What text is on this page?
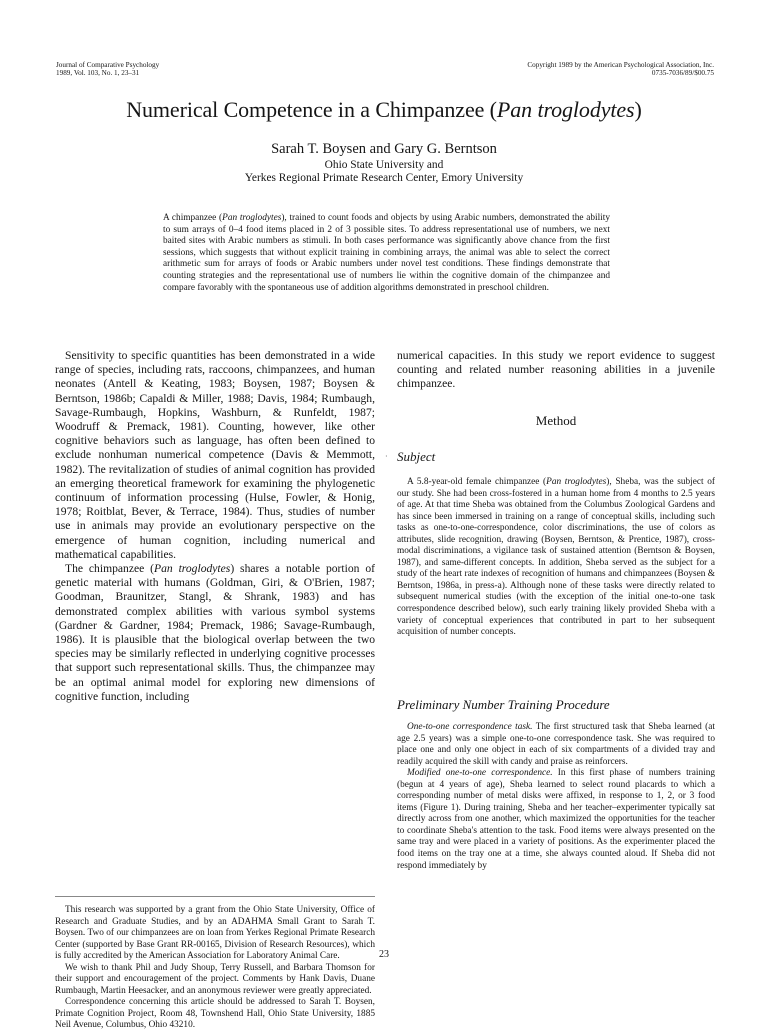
Journal of Comparative Psychology
1989, Vol. 103, No. 1, 23–31
Copyright 1989 by the American Psychological Association, Inc.
0735-7036/89/$00.75
Numerical Competence in a Chimpanzee (Pan troglodytes)
Sarah T. Boysen and Gary G. Berntson
Ohio State University and
Yerkes Regional Primate Research Center, Emory University
A chimpanzee (Pan troglodytes), trained to count foods and objects by using Arabic numbers, demonstrated the ability to sum arrays of 0–4 food items placed in 2 of 3 possible sites. To address representational use of numbers, we next baited sites with Arabic numbers as stimuli. In both cases performance was significantly above chance from the first sessions, which suggests that without explicit training in combining arrays, the animal was able to select the correct arithmetic sum for arrays of foods or Arabic numbers under novel test conditions. These findings demonstrate that counting strategies and the representational use of numbers lie within the cognitive domain of the chimpanzee and compare favorably with the spontaneous use of addition algorithms demonstrated in preschool children.

Sensitivity to specific quantities has been demonstrated in a wide range of species, including rats, raccoons, chimpanzees, and human neonates (Antell & Keating, 1983; Boysen, 1987; Boysen & Berntson, 1986b; Capaldi & Miller, 1988; Davis, 1984; Rumbaugh, Savage-Rumbaugh, Hopkins, Washburn, & Runfeldt, 1987; Woodruff & Premack, 1981). Counting, however, like other cognitive behaviors such as language, has often been defined to exclude nonhuman numerical competence (Davis & Memmott, 1982). The revitalization of studies of animal cognition has provided an emerging theoretical framework for examining the phylogenetic continuum of information processing (Hulse, Fowler, & Honig, 1978; Roitblat, Bever, & Terrace, 1984). Thus, studies of number use in animals may provide an evolutionary perspective on the emergence of human cognition, including numerical and mathematical capabilities.

The chimpanzee (Pan troglodytes) shares a notable portion of genetic material with humans (Goldman, Giri, & O'Brien, 1987; Goodman, Braunitzer, Stangl, & Shrank, 1983) and has demonstrated complex abilities with various symbol systems (Gardner & Gardner, 1984; Premack, 1986; Savage-Rumbaugh, 1986). It is plausible that the biological overlap between the two species may be similarly reflected in underlying cognitive processes that support such representational skills. Thus, the chimpanzee may be an optimal animal model for exploring new dimensions of cognitive function, including

numerical capacities. In this study we report evidence to suggest counting and related number reasoning abilities in a juvenile chimpanzee.

Method
· Subject

A 5.8-year-old female chimpanzee (Pan troglodytes), Sheba, was the subject of our study. She had been cross-fostered in a human home from 4 months to 2.5 years of age. At that time Sheba was obtained from the Columbus Zoological Gardens and has since been immersed in training on a range of conceptual skills, including such tasks as one-to-one-correspondence, color discriminations, the use of colors as attributes, slide recognition, drawing (Boysen, Berntson, & Prentice, 1987), cross-modal discriminations, a vigilance task of sustained attention (Berntson & Boysen, 1987), and same-different concepts. In addition, Sheba served as the subject for a study of the heart rate indexes of recognition of humans and chimpanzees (Boysen & Berntson, 1986a, in press-a). Although none of these tasks were directly related to subsequent numerical studies (with the exception of the initial one-to-one task correspondence described below), such early training likely provided Sheba with a variety of conceptual experiences that contributed in part to her subsequent acquisition of number concepts.

Preliminary Number Training Procedure

One-to-one correspondence task. The first structured task that Sheba learned (at age 2.5 years) was a simple one-to-one correspondence task. She was required to place one and only one object in each of six compartments of a divided tray and readily acquired the skill with candy and praise as reinforcers.

Modified one-to-one correspondence. In this first phase of numbers training (begun at 4 years of age), Sheba learned to select round placards to which a corresponding number of metal disks were affixed, in response to 1, 2, or 3 food items (Figure 1). During training, Sheba and her teacher–experimenter typically sat directly across from one another, which maximized the opportunities for the teacher to coordinate Sheba's attention to the task. Food items were always presented on the same tray and were placed in a variety of positions. As the experimenter placed the food items on the tray one at a time, she always counted aloud. If Sheba did not respond immediately by

This research was supported by a grant from the Ohio State University, Office of Research and Graduate Studies, and by an ADAHMA Small Grant to Sarah T. Boysen. Two of our chimpanzees are on loan from Yerkes Regional Primate Research Center (supported by Base Grant RR-00165, Division of Research Resources), which is fully accredited by the American Association for Laboratory Animal Care.

We wish to thank Phil and Judy Shoup, Terry Russell, and Barbara Thomson for their support and encouragement of the project. Comments by Hank Davis, Duane Rumbaugh, Martin Heesacker, and an anonymous reviewer were greatly appreciated.

Correspondence concerning this article should be addressed to Sarah T. Boysen, Primate Cognition Project, Room 48, Townshend Hall, Ohio State University, 1885 Neil Avenue, Columbus, Ohio 43210.

23
